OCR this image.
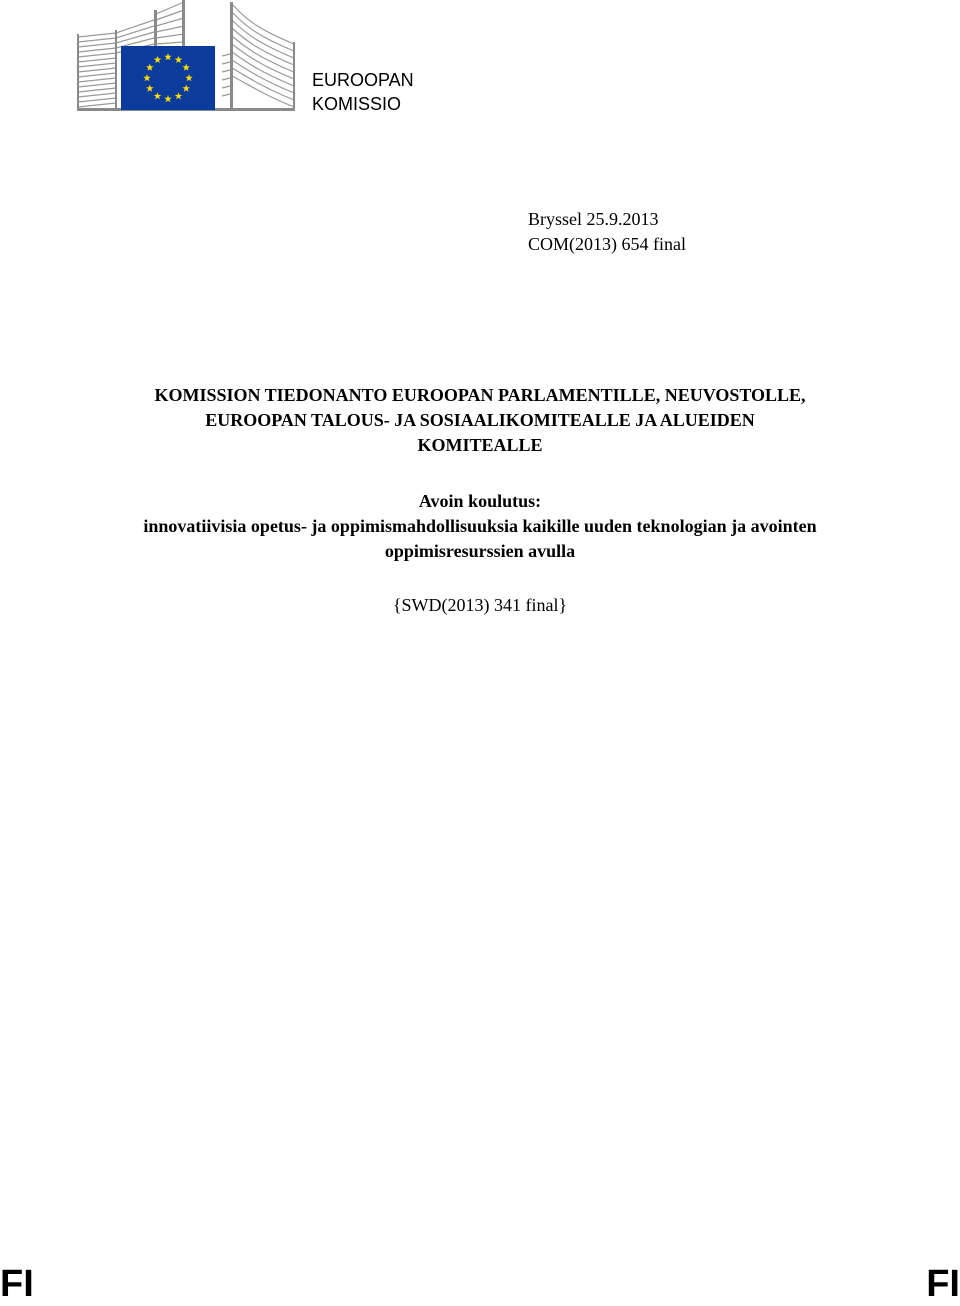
EUROOPAN
KOMISSIO
Bryssel 25.9.2013
COM(2013) 654 final
KOMISSION TIEDONANTO EUROOPAN PARLAMENTILLE, NEUVOSTOLLE,
EUROOPAN TALOUS- JA SOSIAALIKOMITEALLE JA ALUEIDEN
KOMITEALLE
Avoin koulutus:
innovatiivisia opetus- ja oppimismahdollisuuksia kaikille uuden teknologian ja avointen
oppimisresurssien avulla
{SWD(2013) 341 final}
FI	FI
